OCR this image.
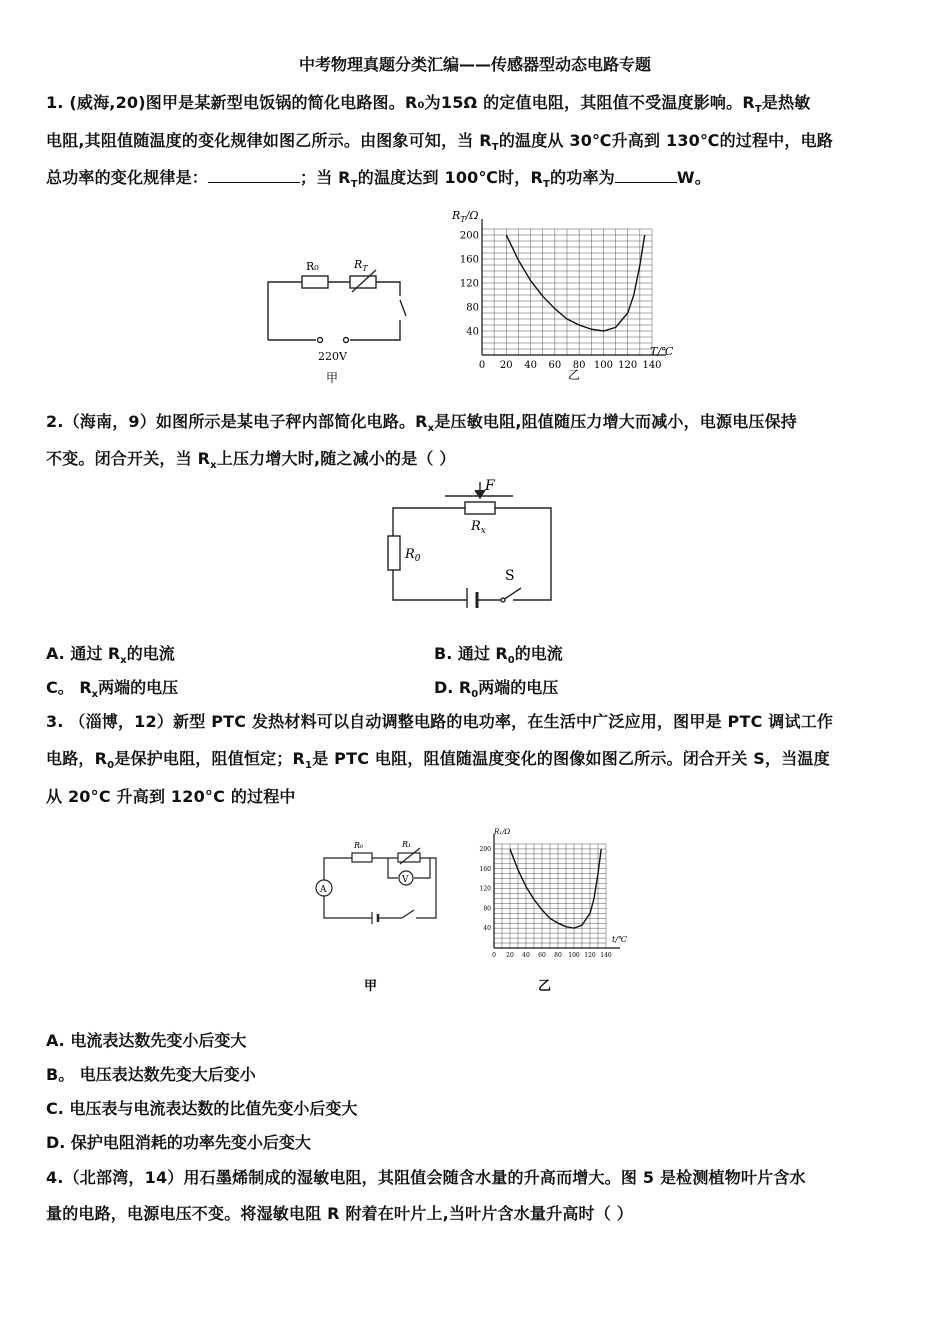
中考物理真题分类汇编——传感器型动态电路专题
1. (威海,20)图甲是某新型电饭锅的简化电路图。R₀为15Ω 的定值电阻，其阻值不受温度影响。$R_T$是热敏
电阻,其阻值随温度的变化规律如图乙所示。由图象可知，当 $R_T$的温度从 30℃升高到 130℃的过程中，电路
总功率的变化规律是：	；当 $R_T$的温度达到 100℃时，$R_T$的功率为	W。
R₀	$R_T$
220V
甲
$R_T/\Omega$
T/℃
乙
0 20 40 60 80 100 120 140
40
80
120
160
200
2.（海南，9）如图所示是某电子秤内部简化电路。$R_x$是压敏电阻,阻值随压力增大而减小，电源电压保持
不变。闭合开关，当 $R_x$上压力增大时,随之减小的是（ ）
F
$R_x$
$R_0$
S
A. 通过 $R_x$的电流	B. 通过 $R_0$的电流
C。 $R_x$两端的电压	D. $R_0$两端的电压
3. （淄博，12）新型 PTC 发热材料可以自动调整电路的电功率，在生活中广泛应用，图甲是 PTC 调试工作
电路，$R_0$是保护电阻，阻值恒定；$R_1$是 PTC 电阻，阻值随温度变化的图像如图乙所示。闭合开关 S，当温度
从 20°C 升高到 120°C 的过程中
R₀	R₁
A
V
甲
R₁/Ω
t/℃
乙
0 20 40 60 80 100 120 140
40
80
120
160
200
A. 电流表达数先变小后变大
B。 电压表达数先变大后变小
C. 电压表与电流表达数的比值先变小后变大
D. 保护电阻消耗的功率先变小后变大
4.（北部湾，14）用石墨烯制成的湿敏电阻，其阻值会随含水量的升高而增大。图 5 是检测植物叶片含水
量的电路，电源电压不变。将湿敏电阻 R 附着在叶片上,当叶片含水量升高时（ ）
